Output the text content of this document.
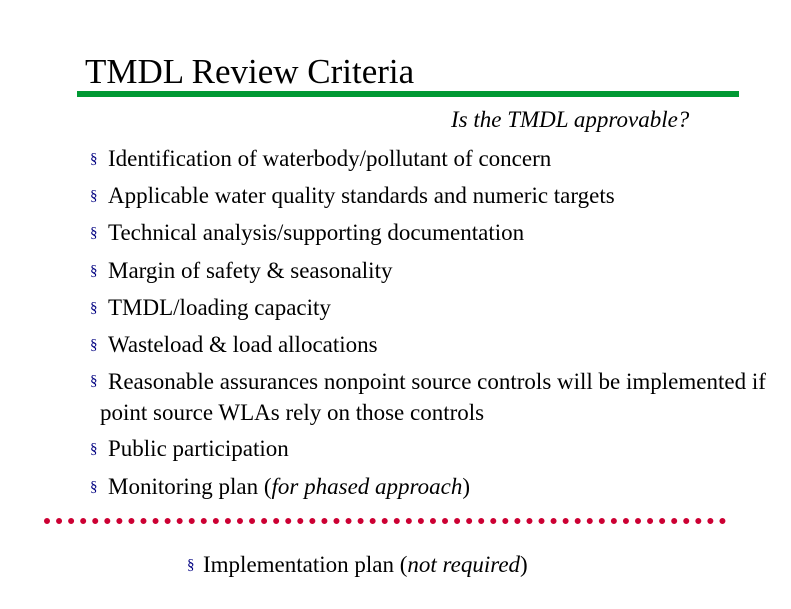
TMDL Review Criteria
Is the TMDL approvable?
§ Identification of waterbody/pollutant of concern
§ Applicable water quality standards and numeric targets
§ Technical analysis/supporting documentation
§ Margin of safety & seasonality
§ TMDL/loading capacity
§ Wasteload & load allocations
§ Reasonable assurances nonpoint source controls will be implemented if point source WLAs rely on those controls
§ Public participation
§ Monitoring plan (for phased approach)
§ Implementation plan (not required)
